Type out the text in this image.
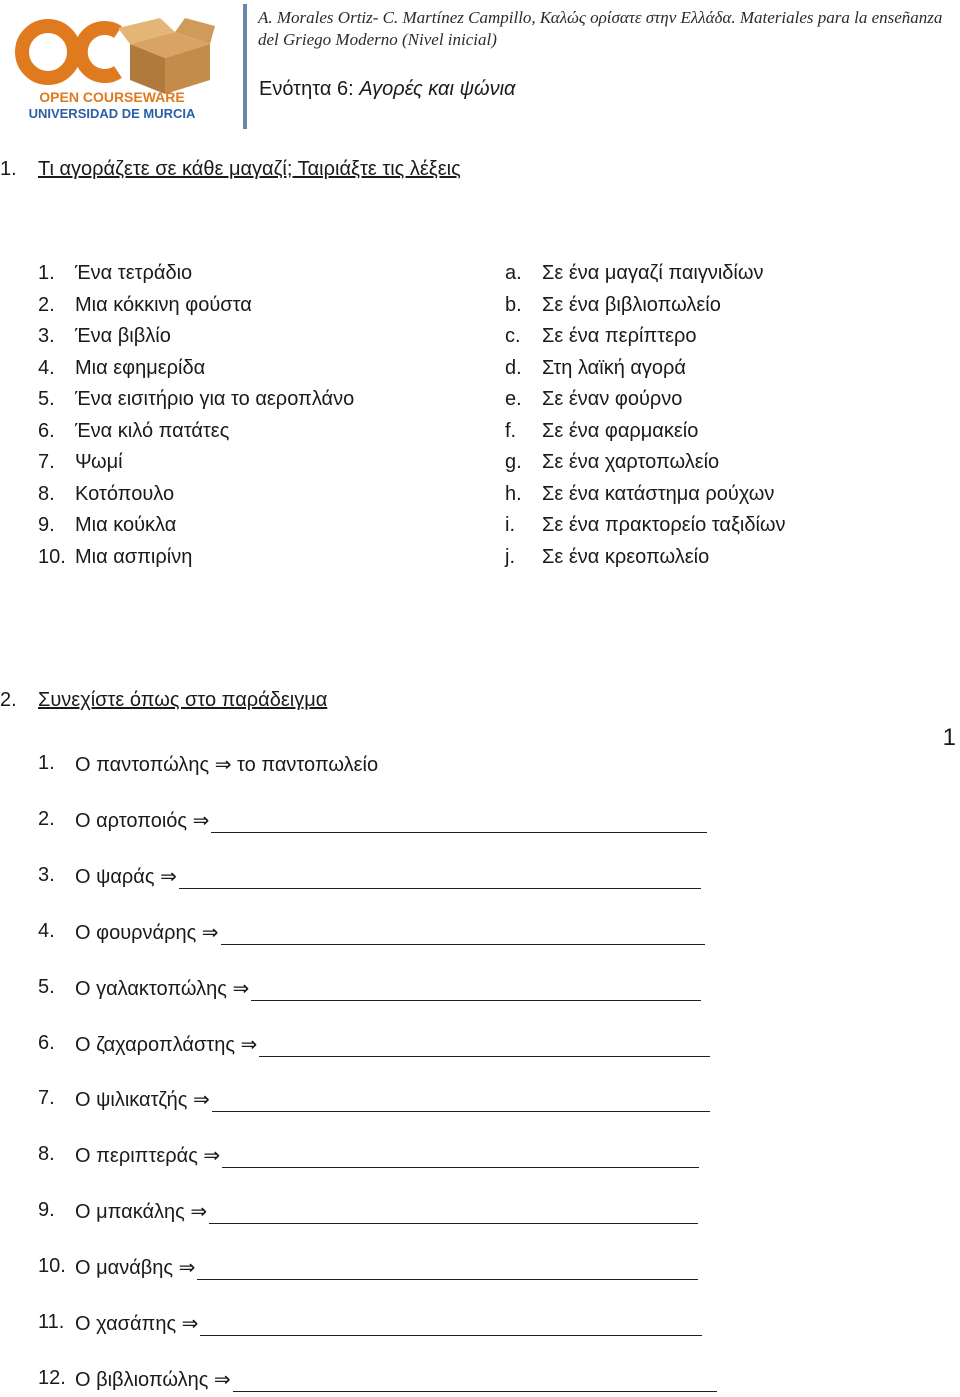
OPEN COURSEWARE
UNIVERSIDAD DE MURCIA
A. Morales Ortiz- C. Martínez Campillo, Καλώς ορίσατε στην Ελλάδα. Materiales para la enseñanza del Griego Moderno (Nivel inicial)
Ενότητα 6: Αγορές και ψώνια
1. Τι αγοράζετε σε κάθε μαγαζί; Ταιριάξτε τις λέξεις
1. Ένα τετράδιο
2. Μια κόκκινη φούστα
3. Ένα βιβλίο
4. Μια εφημερίδα
5. Ένα εισιτήριο για το αεροπλάνο
6. Ένα κιλό πατάτες
7. Ψωμί
8. Κοτόπουλο
9. Μια κούκλα
10. Μια ασπιρίνη
a. Σε ένα μαγαζί παιγνιδίων
b. Σε ένα βιβλιοπωλείο
c. Σε ένα περίπτερο
d. Στη λαϊκή αγορά
e. Σε έναν φούρνο
f. Σε ένα φαρμακείο
g. Σε ένα χαρτοπωλείο
h. Σε ένα κατάστημα ρούχων
i. Σε ένα πρακτορείο ταξιδίων
j. Σε ένα κρεοπωλείο
2. Συνεχίστε όπως στο παράδειγμα
1. Ο παντοπώλης ⇒ το παντοπωλείο
2. Ο αρτοποιός ⇒
3. Ο ψαράς ⇒
4. Ο φουρνάρης ⇒
5. Ο γαλακτοπώλης ⇒
6. Ο ζαχαροπλάστης ⇒
7. Ο ψιλικατζής ⇒
8. Ο περιπτεράς ⇒
9. Ο μπακάλης ⇒
10. Ο μανάβης ⇒
11. Ο χασάπης ⇒
12. Ο βιβλιοπώλης ⇒
1
